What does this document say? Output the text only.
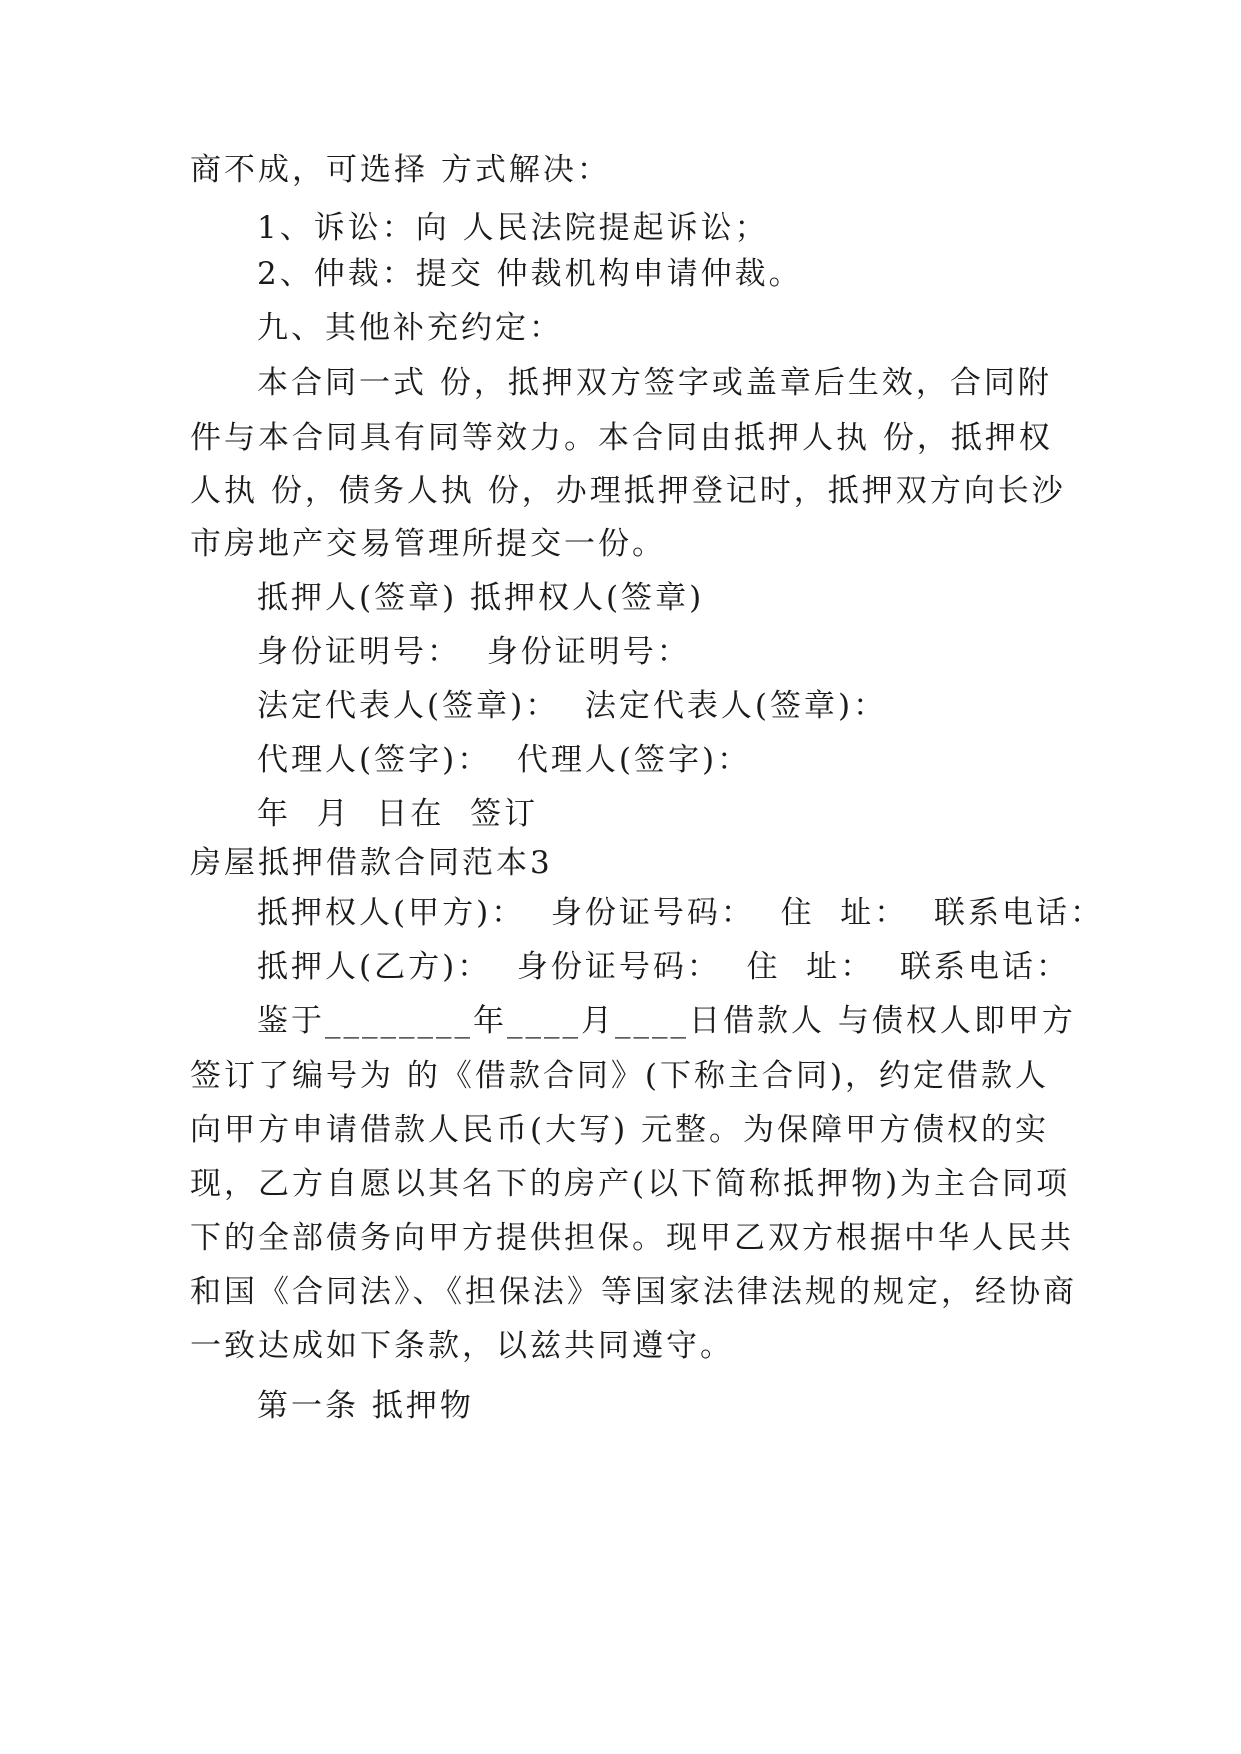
商不成，可选择 方式解决：
1、诉讼：向 人民法院提起诉讼；
2、仲裁：提交 仲裁机构申请仲裁。
九、其他补充约定：
本合同一式 份，抵押双方签字或盖章后生效，合同附
件与本合同具有同等效力。本合同由抵押人执 份，抵押权
人执 份，债务人执 份，办理抵押登记时，抵押双方向长沙
市房地产交易管理所提交一份。
抵押人(签章) 抵押权人(签章)
身份证明号：  身份证明号：
法定代表人(签章)：  法定代表人(签章)：
代理人(签字)：  代理人(签字)：
年  月  日在  签订
房屋抵押借款合同范本3
抵押权人(甲方)：  身份证号码：  住  址：  联系电话：
抵押人(乙方)：  身份证号码：  住  址：  联系电话：
鉴于________年____月____日借款人 与债权人即甲方
签订了编号为 的《借款合同》(下称主合同)，约定借款人
向甲方申请借款人民币(大写) 元整。为保障甲方债权的实
现，乙方自愿以其名下的房产(以下简称抵押物)为主合同项
下的全部债务向甲方提供担保。现甲乙双方根据中华人民共
和国《合同法》、《担保法》等国家法律法规的规定，经协商
一致达成如下条款，以兹共同遵守。
第一条 抵押物
